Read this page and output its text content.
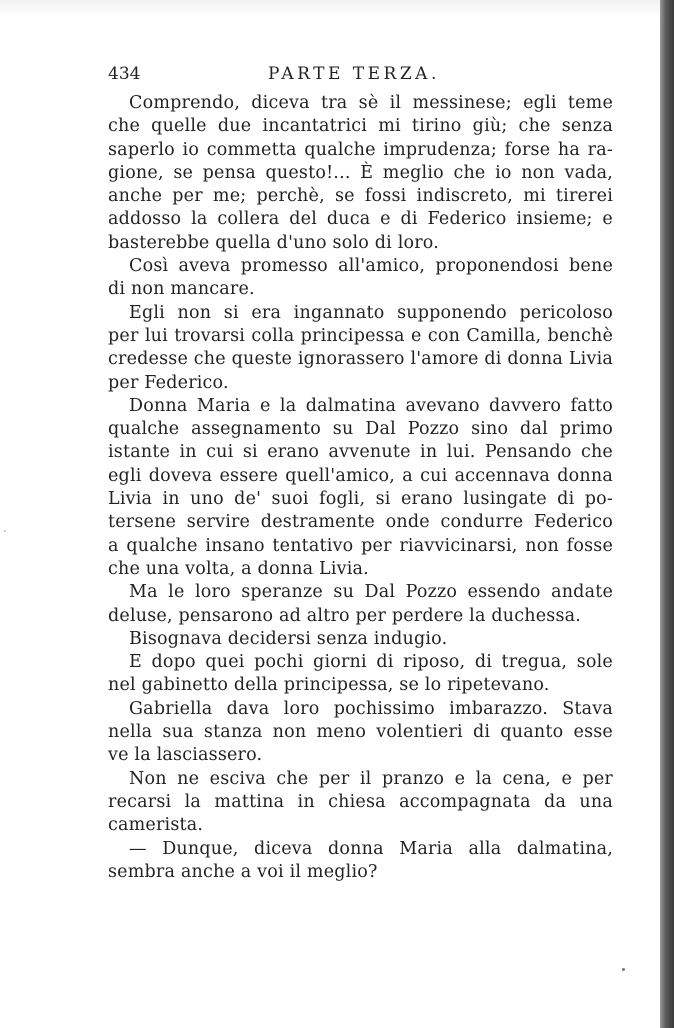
434	PARTE TERZA.
Comprendo, diceva tra sè il messinese; egli teme
che quelle due incantatrici mi tirino giù; che senza
saperlo io commetta qualche imprudenza; forse ha ra-
gione, se pensa questo!... È meglio che io non vada,
anche per me; perchè, se fossi indiscreto, mi tirerei
addosso la collera del duca e di Federico insieme; e
basterebbe quella d'uno solo di loro.
Così aveva promesso all'amico, proponendosi bene
di non mancare.
Egli non si era ingannato supponendo pericoloso
per lui trovarsi colla principessa e con Camilla, benchè
credesse che queste ignorassero l'amore di donna Livia
per Federico.
Donna Maria e la dalmatina avevano davvero fatto
qualche assegnamento su Dal Pozzo sino dal primo
istante in cui si erano avvenute in lui. Pensando che
egli doveva essere quell'amico, a cui accennava donna
Livia in uno de' suoi fogli, si erano lusingate di po-
tersene servire destramente onde condurre Federico
a qualche insano tentativo per riavvicinarsi, non fosse
che una volta, a donna Livia.
Ma le loro speranze su Dal Pozzo essendo andate
deluse, pensarono ad altro per perdere la duchessa.
Bisognava decidersi senza indugio.
E dopo quei pochi giorni di riposo, di tregua, sole
nel gabinetto della principessa, se lo ripetevano.
Gabriella dava loro pochissimo imbarazzo. Stava
nella sua stanza non meno volentieri di quanto esse
ve la lasciassero.
Non ne esciva che per il pranzo e la cena, e per
recarsi la mattina in chiesa accompagnata da una
camerista.
— Dunque, diceva donna Maria alla dalmatina,
sembra anche a voi il meglio?
